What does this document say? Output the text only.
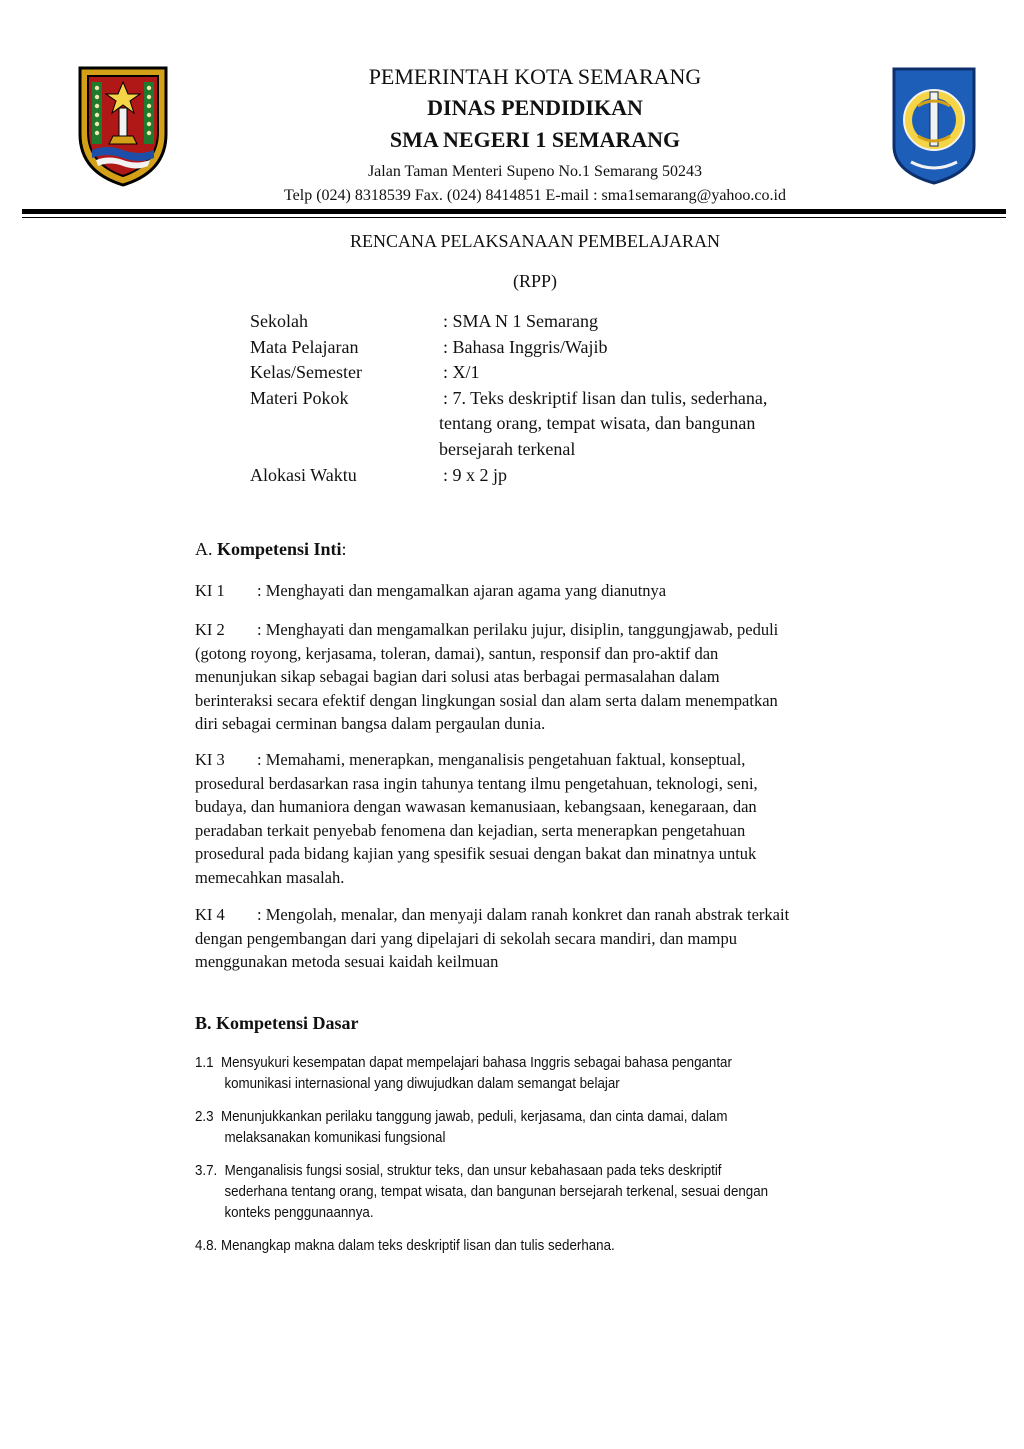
PEMERINTAH KOTA SEMARANG
DINAS PENDIDIKAN
SMA NEGERI 1 SEMARANG
Jalan Taman Menteri Supeno No.1 Semarang 50243
Telp (024) 8318539 Fax. (024) 8414851 E-mail : sma1semarang@yahoo.co.id
RENCANA PELAKSANAAN PEMBELAJARAN
(RPP)
Sekolah	: SMA N 1 Semarang
Mata Pelajaran	: Bahasa Inggris/Wajib
Kelas/Semester	: X/1
Materi Pokok	: 7. Teks deskriptif lisan dan tulis, sederhana,
tentang orang, tempat wisata, dan bangunan
bersejarah terkenal
Alokasi Waktu	: 9 x 2 jp
A. Kompetensi Inti:
KI 1 : Menghayati dan mengamalkan ajaran agama yang dianutnya
KI 2 : Menghayati dan mengamalkan perilaku jujur, disiplin, tanggungjawab, peduli
(gotong royong, kerjasama, toleran, damai), santun, responsif dan pro-aktif dan
menunjukan sikap sebagai bagian dari solusi atas berbagai permasalahan dalam
berinteraksi secara efektif dengan lingkungan sosial dan alam serta dalam menempatkan
diri sebagai cerminan bangsa dalam pergaulan dunia.
KI 3 : Memahami, menerapkan, menganalisis pengetahuan faktual, konseptual,
prosedural berdasarkan rasa ingin tahunya tentang ilmu pengetahuan, teknologi, seni,
budaya, dan humaniora dengan wawasan kemanusiaan, kebangsaan, kenegaraan, dan
peradaban terkait penyebab fenomena dan kejadian, serta menerapkan pengetahuan
prosedural pada bidang kajian yang spesifik sesuai dengan bakat dan minatnya untuk
memecahkan masalah.
KI 4 : Mengolah, menalar, dan menyaji dalam ranah konkret dan ranah abstrak terkait
dengan pengembangan dari yang dipelajari di sekolah secara mandiri, dan mampu
menggunakan metoda sesuai kaidah keilmuan
B. Kompetensi Dasar
1.1 Mensyukuri kesempatan dapat mempelajari bahasa Inggris sebagai bahasa pengantar
komunikasi internasional yang diwujudkan dalam semangat belajar
2.3 Menunjukkankan perilaku tanggung jawab, peduli, kerjasama, dan cinta damai, dalam
melaksanakan komunikasi fungsional
3.7. Menganalisis fungsi sosial, struktur teks, dan unsur kebahasaan pada teks deskriptif
sederhana tentang orang, tempat wisata, dan bangunan bersejarah terkenal, sesuai dengan
konteks penggunaannya.
4.8. Menangkap makna dalam teks deskriptif lisan dan tulis sederhana.
